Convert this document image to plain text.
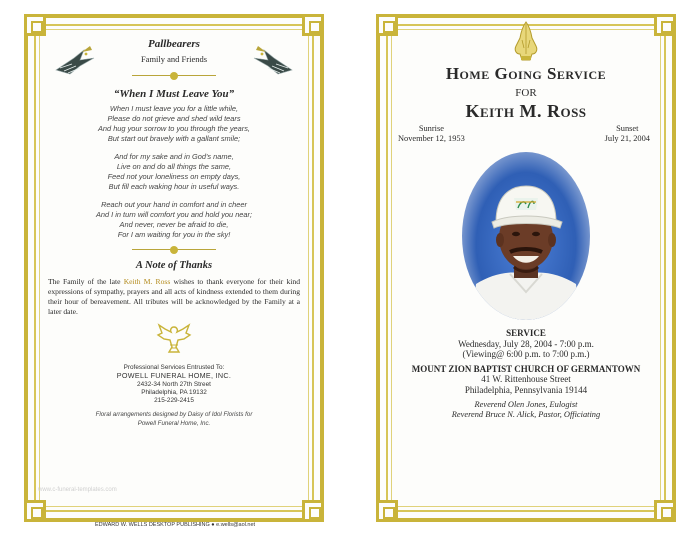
Pallbearers
Family and Friends
“When I Must Leave You”
When I must leave you for a little while,
Please do not grieve and shed wild tears
And hug your sorrow to you through the years,
But start out bravely with a gallant smile;
And for my sake and in God's name,
Live on and do all things the same,
Feed not your loneliness on empty days,
But fill each waking hour in useful ways.
Reach out your hand in comfort and in cheer
And I in turn will comfort you and hold you near;
And never, never be afraid to die,
For I am waiting for you in the sky!
A Note of Thanks
The Family of the late Keith M. Ross wishes to thank everyone for their kind expressions of sympathy, prayers and all acts of kindness extended to them during their hour of bereavement. All tributes will be acknowledged by the Family at a later date.
Professional Services Entrusted To:
POWELL FUNERAL HOME, INC.
2432-34 North 27th Street
Philadelphia, PA 19132
215-229-2415
Floral arrangements designed by Daisy of Idol Florists for
Powell Funeral Home, Inc.
www.c-funeral-templates.com
EDWARD W. WELLS DESKTOP PUBLISHING ● e.wells@aol.net
Home Going Service
FOR
Keith M. Ross
Sunrise
November 12, 1953
Sunset
July 21, 2004
SERVICE
Wednesday, July 28, 2004 - 7:00 p.m.
(Viewing@ 6:00 p.m. to 7:00 p.m.)
MOUNT ZION BAPTIST CHURCH OF GERMANTOWN
41 W. Rittenhouse Street
Philadelphia, Pennsylvania 19144
Reverend Olen Jones, Eulogist
Reverend Bruce N. Alick, Pastor, Officiating
